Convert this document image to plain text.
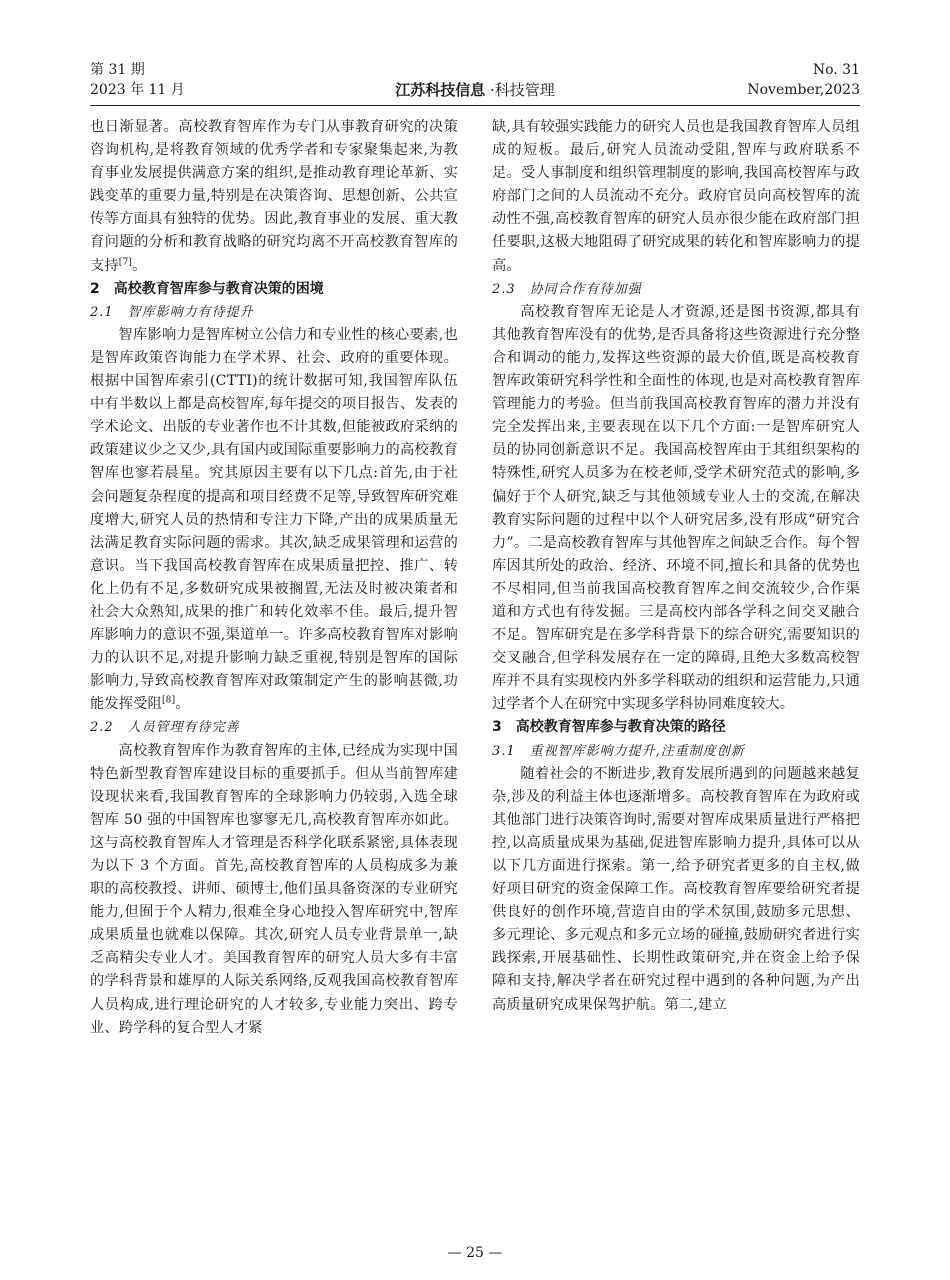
第 31 期
2023 年 11 月	江苏科技信息 ·科技管理
No. 31
November,2023

也日渐显著。高校教育智库作为专门从事教育研究的决策咨询机构,是将教育领域的优秀学者和专家聚集起来,为教育事业发展提供满意方案的组织,是推动教育理论革新、实践变革的重要力量,特别是在决策咨询、思想创新、公共宣传等方面具有独特的优势。因此,教育事业的发展、重大教育问题的分析和教育战略的研究均离不开高校教育智库的支持[7]。

2　高校教育智库参与教育决策的困境

2.1　智库影响力有待提升

智库影响力是智库树立公信力和专业性的核心要素,也是智库政策咨询能力在学术界、社会、政府的重要体现。根据中国智库索引(CTTI)的统计数据可知,我国智库队伍中有半数以上都是高校智库,每年提交的项目报告、发表的学术论文、出版的专业著作也不计其数,但能被政府采纳的政策建议少之又少,具有国内或国际重要影响力的高校教育智库也寥若晨星。究其原因主要有以下几点:首先,由于社会问题复杂程度的提高和项目经费不足等,导致智库研究难度增大,研究人员的热情和专注力下降,产出的成果质量无法满足教育实际问题的需求。其次,缺乏成果管理和运营的意识。当下我国高校教育智库在成果质量把控、推广、转化上仍有不足,多数研究成果被搁置,无法及时被决策者和社会大众熟知,成果的推广和转化效率不佳。最后,提升智库影响力的意识不强,渠道单一。许多高校教育智库对影响力的认识不足,对提升影响力缺乏重视,特别是智库的国际影响力,导致高校教育智库对政策制定产生的影响甚微,功能发挥受阻[8]。

2.2　人员管理有待完善

高校教育智库作为教育智库的主体,已经成为实现中国特色新型教育智库建设目标的重要抓手。但从当前智库建设现状来看,我国教育智库的全球影响力仍较弱,入选全球智库 50 强的中国智库也寥寥无几,高校教育智库亦如此。这与高校教育智库人才管理是否科学化联系紧密,具体表现为以下 3 个方面。首先,高校教育智库的人员构成多为兼职的高校教授、讲师、硕博士,他们虽具备资深的专业研究能力,但囿于个人精力,很难全身心地投入智库研究中,智库成果质量也就难以保障。其次,研究人员专业背景单一,缺乏高精尖专业人才。美国教育智库的研究人员大多有丰富的学科背景和雄厚的人际关系网络,反观我国高校教育智库人员构成,进行理论研究的人才较多,专业能力突出、跨专业、跨学科的复合型人才紧

缺,具有较强实践能力的研究人员也是我国教育智库人员组成的短板。最后,研究人员流动受阻,智库与政府联系不足。受人事制度和组织管理制度的影响,我国高校智库与政府部门之间的人员流动不充分。政府官员向高校智库的流动性不强,高校教育智库的研究人员亦很少能在政府部门担任要职,这极大地阻碍了研究成果的转化和智库影响力的提高。

2.3　协同合作有待加强

高校教育智库无论是人才资源,还是图书资源,都具有其他教育智库没有的优势,是否具备将这些资源进行充分整合和调动的能力,发挥这些资源的最大价值,既是高校教育智库政策研究科学性和全面性的体现,也是对高校教育智库管理能力的考验。但当前我国高校教育智库的潜力并没有完全发挥出来,主要表现在以下几个方面:一是智库研究人员的协同创新意识不足。我国高校智库由于其组织架构的特殊性,研究人员多为在校老师,受学术研究范式的影响,多偏好于个人研究,缺乏与其他领域专业人士的交流,在解决教育实际问题的过程中以个人研究居多,没有形成“研究合力”。二是高校教育智库与其他智库之间缺乏合作。每个智库因其所处的政治、经济、环境不同,擅长和具备的优势也不尽相同,但当前我国高校教育智库之间交流较少,合作渠道和方式也有待发掘。三是高校内部各学科之间交叉融合不足。智库研究是在多学科背景下的综合研究,需要知识的交叉融合,但学科发展存在一定的障碍,且绝大多数高校智库并不具有实现校内外多学科联动的组织和运营能力,只通过学者个人在研究中实现多学科协同难度较大。

3　高校教育智库参与教育决策的路径

3.1　重视智库影响力提升,注重制度创新

随着社会的不断进步,教育发展所遇到的问题越来越复杂,涉及的利益主体也逐渐增多。高校教育智库在为政府或其他部门进行决策咨询时,需要对智库成果质量进行严格把控,以高质量成果为基础,促进智库影响力提升,具体可以从以下几方面进行探索。第一,给予研究者更多的自主权,做好项目研究的资金保障工作。高校教育智库要给研究者提供良好的创作环境,营造自由的学术氛围,鼓励多元思想、多元理论、多元观点和多元立场的碰撞,鼓励研究者进行实践探索,开展基础性、长期性政策研究,并在资金上给予保障和支持,解决学者在研究过程中遇到的各种问题,为产出高质量研究成果保驾护航。第二,建立

— 25 —
